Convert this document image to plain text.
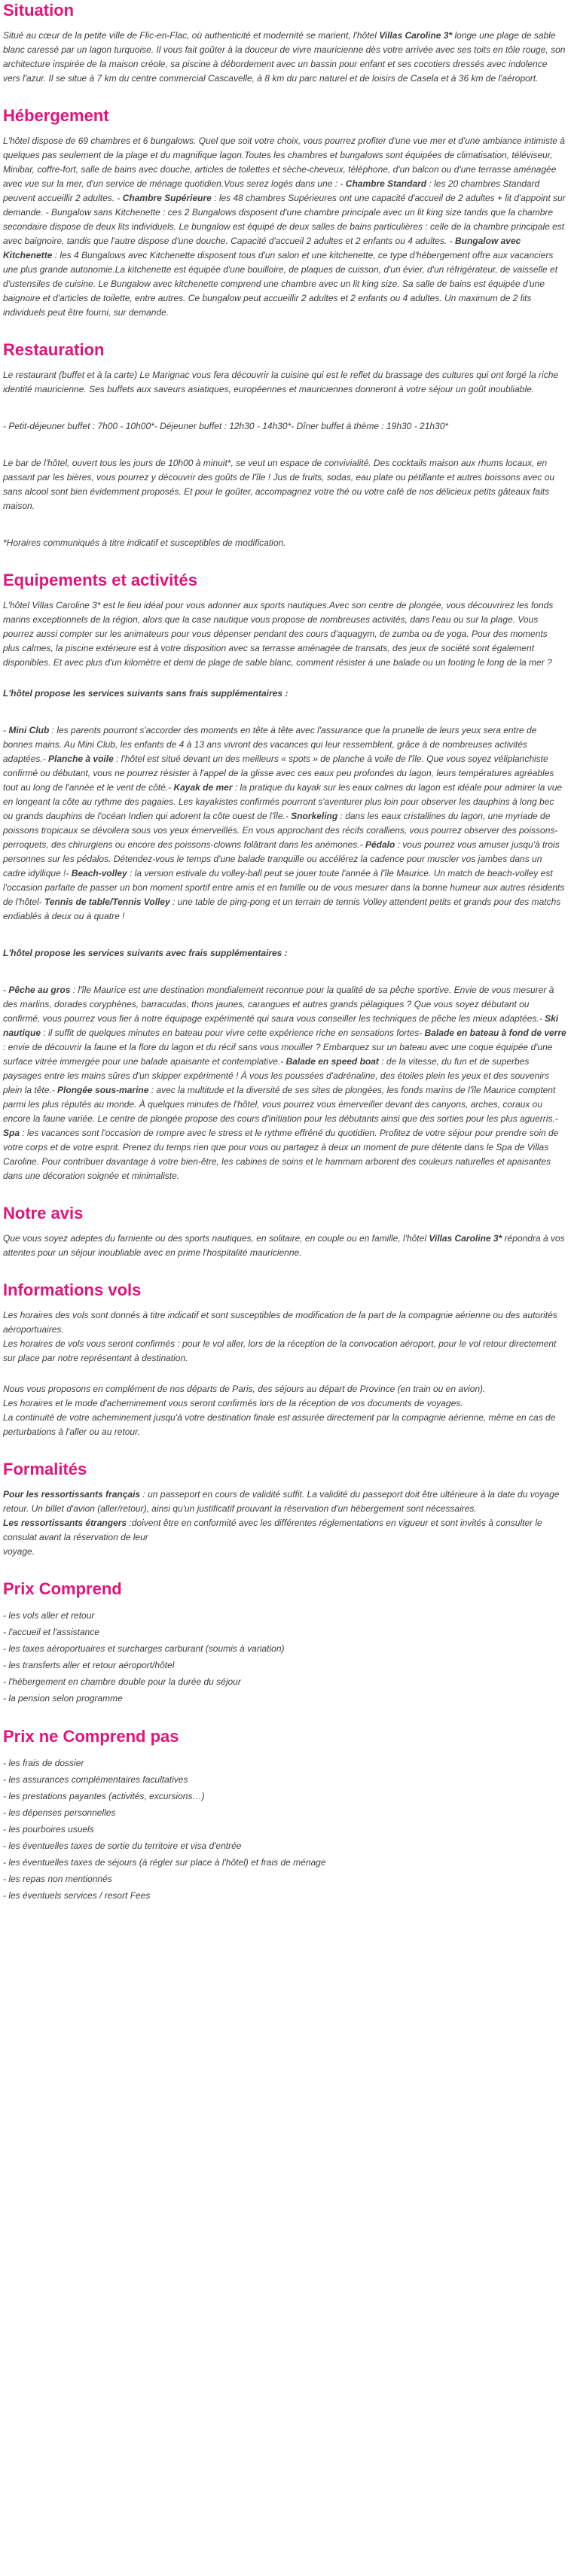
Situation

Situé au cœur de la petite ville de Flic-en-Flac, où authenticité et modernité se marient, l'hôtel Villas Caroline 3* longe une plage de sable blanc caressé par un lagon turquoise. Il vous fait goûter à la douceur de vivre mauricienne dès votre arrivée avec ses toits en tôle rouge, son architecture inspirée de la maison créole, sa piscine à débordement avec un bassin pour enfant et ses cocotiers dressés avec indolence vers l'azur. Il se situe à 7 km du centre commercial Cascavelle, à 8 km du parc naturel et de loisirs de Casela et à 36 km de l'aéroport.

Hébergement

L'hôtel dispose de 69 chambres et 6 bungalows. Quel que soit votre choix, vous pourrez profiter d'une vue mer et d'une ambiance intimiste à quelques pas seulement de la plage et du magnifique lagon.Toutes les chambres et bungalows sont équipées de climatisation, téléviseur, Minibar, coffre-fort, salle de bains avec douche, articles de toilettes et sèche-cheveux, téléphone, d'un balcon ou d'une terrasse aménagée avec vue sur la mer, d'un service de ménage quotidien.Vous serez logés dans une : - Chambre Standard : les 20 chambres Standard peuvent accueillir 2 adultes. - Chambre Supérieure : les 48 chambres Supérieures ont une capacité d'accueil de 2 adultes + lit d'appoint sur demande. - Bungalow sans Kitchenette : ces 2 Bungalows disposent d'une chambre principale avec un lit king size tandis que la chambre secondaire dispose de deux lits individuels. Le bungalow est équipé de deux salles de bains particulières : celle de la chambre principale est avec baignoire, tandis que l'autre dispose d'une douche. Capacité d'accueil 2 adultes et 2 enfants ou 4 adultes. - Bungalow avec Kitchenette : les 4 Bungalows avec Kitchenette disposent tous d'un salon et une kitchenette, ce type d'hébergement offre aux vacanciers une plus grande autonomie.La kitchenette est équipée d'une bouilloire, de plaques de cuisson, d'un évier, d'un réfrigérateur, de vaisselle et d'ustensiles de cuisine. Le Bungalow avec kitchenette comprend une chambre avec un lit king size. Sa salle de bains est équipée d'une baignoire et d'articles de toilette, entre autres. Ce bungalow peut accueillir 2 adultes et 2 enfants ou 4 adultes. Un maximum de 2 lits individuels peut être fourni, sur demande.

Restauration

Le restaurant (buffet et à la carte) Le Marignac vous fera découvrir la cuisine qui est le reflet du brassage des cultures qui ont forgé la riche identité mauricienne. Ses buffets aux saveurs asiatiques, européennes et mauriciennes donneront à votre séjour un goût inoubliable.

- Petit-déjeuner buffet : 7h00 - 10h00*- Déjeuner buffet : 12h30 - 14h30*- Dîner buffet à thème : 19h30 - 21h30*

Le bar de l'hôtel, ouvert tous les jours de 10h00 à minuit*, se veut un espace de convivialité. Des cocktails maison aux rhums locaux, en passant par les bières, vous pourrez y découvrir des goûts de l'île ! Jus de fruits, sodas, eau plate ou pétillante et autres boissons avec ou sans alcool sont bien évidemment proposés. Et pour le goûter, accompagnez votre thé ou votre café de nos délicieux petits gâteaux faits maison.

*Horaires communiqués à titre indicatif et susceptibles de modification.

Equipements et activités

L'hôtel Villas Caroline 3* est le lieu idéal pour vous adonner aux sports nautiques.Avec son centre de plongée, vous découvrirez les fonds marins exceptionnels de la région, alors que la case nautique vous propose de nombreuses activités, dans l'eau ou sur la plage. Vous pourrez aussi compter sur les animateurs pour vous dépenser pendant des cours d'aquagym, de zumba ou de yoga. Pour des moments plus calmes, la piscine extérieure est à votre disposition avec sa terrasse aménagée de transats, des jeux de société sont également disponibles. Et avec plus d'un kilomètre et demi de plage de sable blanc, comment résister à une balade ou un footing le long de la mer ?

L'hôtel propose les services suivants sans frais supplémentaires :

- Mini Club : les parents pourront s'accorder des moments en tête à tête avec l'assurance que la prunelle de leurs yeux sera entre de bonnes mains. Au Mini Club, les enfants de 4 à 13 ans vivront des vacances qui leur ressemblent, grâce à de nombreuses activités adaptées.- Planche à voile : l'hôtel est situé devant un des meilleurs « spots » de planche à voile de l'île. Que vous soyez véliplanchiste confirmé ou débutant, vous ne pourrez résister à l'appel de la glisse avec ces eaux peu profondes du lagon, leurs températures agréables tout au long de l'année et le vent de côté.- Kayak de mer : la pratique du kayak sur les eaux calmes du lagon est idéale pour admirer la vue en longeant la côte au rythme des pagaies. Les kayakistes confirmés pourront s'aventurer plus loin pour observer les dauphins à long bec ou grands dauphins de l'océan Indien qui adorent la côte ouest de l'île.- Snorkeling : dans les eaux cristallines du lagon, une myriade de poissons tropicaux se dévoilera sous vos yeux émerveillés. En vous approchant des récifs coralliens, vous pourrez observer des poissons-perroquets, des chirurgiens ou encore des poissons-clowns folâtrant dans les anémones.- Pédalo : vous pourrez vous amuser jusqu'à trois personnes sur les pédalos. Détendez-vous le temps d'une balade tranquille ou accélérez la cadence pour muscler vos jambes dans un cadre idyllique !- Beach-volley : la version estivale du volley-ball peut se jouer toute l'année à l'île Maurice. Un match de beach-volley est l'occasion parfaite de passer un bon moment sportif entre amis et en famille ou de vous mesurer dans la bonne humeur aux autres résidents de l'hôtel- Tennis de table/Tennis Volley : une table de ping-pong et un terrain de tennis Volley attendent petits et grands pour des matchs endiablés à deux ou à quatre !

L'hôtel propose les services suivants avec frais supplémentaires :

- Pêche au gros : l'île Maurice est une destination mondialement reconnue pour la qualité de sa pêche sportive. Envie de vous mesurer à des marlins, dorades coryphènes, barracudas, thons jaunes, carangues et autres grands pélagiques ? Que vous soyez débutant ou confirmé, vous pourrez vous fier à notre équipage expérimenté qui saura vous conseiller les techniques de pêche les mieux adaptées.- Ski nautique : il suffit de quelques minutes en bateau pour vivre cette expérience riche en sensations fortes- Balade en bateau à fond de verre : envie de découvrir la faune et la flore du lagon et du récif sans vous mouiller ? Embarquez sur un bateau avec une coque équipée d'une surface vitrée immergée pour une balade apaisante et contemplative.- Balade en speed boat : de la vitesse, du fun et de superbes paysages entre les mains sûres d'un skipper expérimenté ! À vous les poussées d'adrénaline, des étoiles plein les yeux et des souvenirs plein la tête.- Plongée sous-marine : avec la multitude et la diversité de ses sites de plongées, les fonds marins de l'île Maurice comptent parmi les plus réputés au monde. À quelques minutes de l'hôtel, vous pourrez vous émerveiller devant des canyons, arches, coraux ou encore la faune variée. Le centre de plongée propose des cours d'initiation pour les débutants ainsi que des sorties pour les plus aguerris.- Spa : les vacances sont l'occasion de rompre avec le stress et le rythme effréné du quotidien. Profitez de votre séjour pour prendre soin de votre corps et de votre esprit. Prenez du temps rien que pour vous ou partagez à deux un moment de pure détente dans le Spa de Villas Caroline. Pour contribuer davantage à votre bien-être, les cabines de soins et le hammam arborent des couleurs naturelles et apaisantes dans une décoration soignée et minimaliste.

Notre avis

Que vous soyez adeptes du farniente ou des sports nautiques, en solitaire, en couple ou en famille, l'hôtel Villas Caroline 3* répondra à vos attentes pour un séjour inoubliable avec en prime l'hospitalité mauricienne.

Informations vols

Les horaires des vols sont donnés à titre indicatif et sont susceptibles de modification de la part de la compagnie aérienne ou des autorités aéroportuaires.

Les horaires de vols vous seront confirmés : pour le vol aller, lors de la réception de la convocation aéroport, pour le vol retour directement sur place par notre représentant à destination.

Nous vous proposons en complément de nos départs de Paris, des séjours au départ de Province (en train ou en avion).

Les horaires et le mode d'acheminement vous seront confirmés lors de la réception de vos documents de voyages.

La continuité de votre acheminement jusqu'à votre destination finale est assurée directement par la compagnie aérienne, même en cas de perturbations à l'aller ou au retour.

Formalités

Pour les ressortissants français : un passeport en cours de validité suffit. La validité du passeport doit être ultérieure à la date du voyage retour. Un billet d'avion (aller/retour), ainsi qu'un justificatif prouvant la réservation d'un hébergement sont nécessaires.

Les ressortissants étrangers :doivent être en conformité avec les différentes réglementations en vigueur et sont invités à consulter le consulat avant la réservation de leur

voyage.

Prix Comprend

- les vols aller et retour

- l'accueil et l'assistance

- les taxes aéroportuaires et surcharges carburant (soumis à variation)

- les transferts aller et retour aéroport/hôtel

- l'hébergement en chambre double pour la durée du séjour

- la pension selon programme

Prix ne Comprend pas

- les frais de dossier

- les assurances complémentaires facultatives

- les prestations payantes (activités, excursions…)

- les dépenses personnelles

- les pourboires usuels

- les éventuelles taxes de sortie du territoire et visa d'entrée

- les éventuelles taxes de séjours (à régler sur place à l'hôtel) et frais de ménage

- les repas non mentionnés

- les éventuels services / resort Fees
